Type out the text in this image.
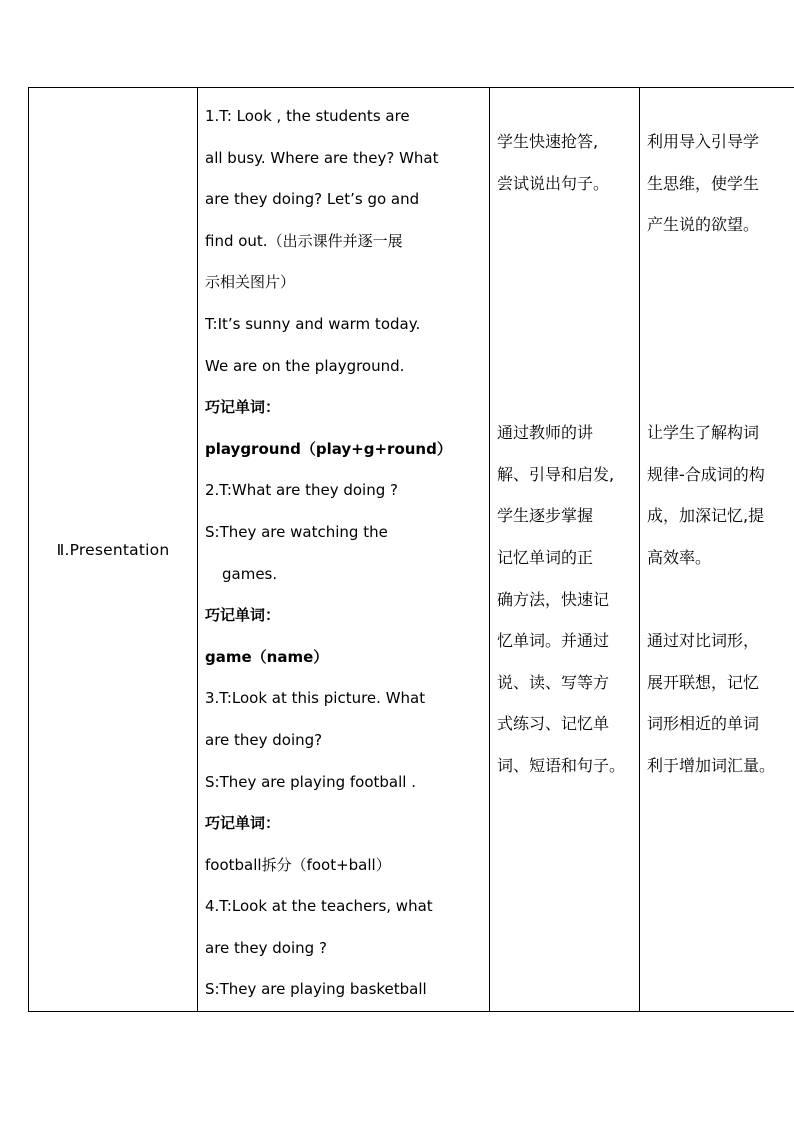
Ⅱ.Presentation

1.T: Look , the students are
all busy. Where are they? What
are they doing? Let’s go and
find out.（出示课件并逐一展
示相关图片）
T:It’s sunny and warm today.
We are on the playground.
巧记单词：
playground（play+g+round）
2.T:What are they doing ?
S:They are watching the
games.
巧记单词：
game（name）
3.T:Look at this picture. What
are they doing?
S:They are playing football .
巧记单词：
football拆分（foot+ball）
4.T:Look at the teachers, what
are they doing ?
S:They are playing basketball

学生快速抢答,
尝试说出句子。
通过教师的讲
解、引导和启发,
学生逐步掌握
记忆单词的正
确方法，快速记
忆单词。并通过
说、读、写等方
式练习、记忆单
词、短语和句子。

利用导入引导学
生思维，使学生
产生说的欲望。
让学生了解构词
规律-合成词的构
成，加深记忆,提
高效率。
通过对比词形，
展开联想，记忆
词形相近的单词
利于增加词汇量。
